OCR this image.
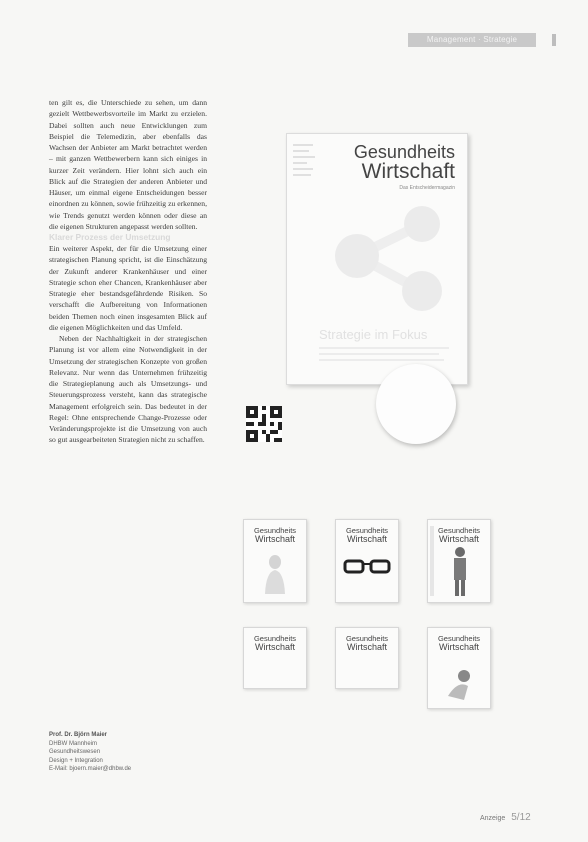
Management · Strategie

ten gilt es, die Unterschiede zu sehen, um dann gezielt Wettbewerbsvorteile im Markt zu erzielen. Dabei sollten auch neue Entwicklungen zum Beispiel die Telemedizin, aber ebenfalls das Wachsen der Anbieter am Markt betrachtet werden – mit ganzen Wettbewerbern kann sich einiges in kurzer Zeit verändern. Hier lohnt sich auch ein Blick auf die Strategien der anderen Anbieter und Häuser, um einmal eigene Entscheidungen besser einordnen zu können, sowie frühzeitig zu erkennen, wie Trends genutzt werden können oder diese an die eigenen Strukturen angepasst werden sollten.

Klarer Prozess der Umsetzung

Ein weiterer Aspekt, der für die Umsetzung einer strategischen Planung spricht, ist die Einschätzung der Zukunft anderer Krankenhäuser und einer Strategie schon eher Chancen, Krankenhäuser aber Strategie eher bestandsgefährdende Risiken. So verschafft die Aufbereitung von Informationen beiden Themen noch einen insgesamten Blick auf die eigenen Möglichkeiten und das Umfeld.

Neben der Nachhaltigkeit in der strategischen Planung ist vor allem eine Notwendigkeit in der Umsetzung der strategischen Konzepte von großen Relevanz. Nur wenn das Unternehmen frühzeitig die Strategieplanung auch als Umsetzungs- und Steuerungsprozess versteht, kann das strategische Management erfolgreich sein. Das bedeutet in der Regel: Ohne entsprechende Change-Prozesse oder Veränderungsprojekte ist die Umsetzung von auch so gut ausgearbeiteten Strategien nicht zu schaffen.

Prof. Dr. Björn Maier
DHBW Mannheim
Gesundheitswesen
Design + Integration
E-Mail: bjoern.maier@dhbw.de
Gesundheits
Wirtschaft
Das Entscheidermagazin
Strategie im Fokus
Gesundheits
Wirtschaft
Gesundheits
Wirtschaft
Gesundheits
Wirtschaft
Gesundheits
Wirtschaft
Gesundheits
Wirtschaft
Gesundheits
Wirtschaft
Anzeige 5/12
